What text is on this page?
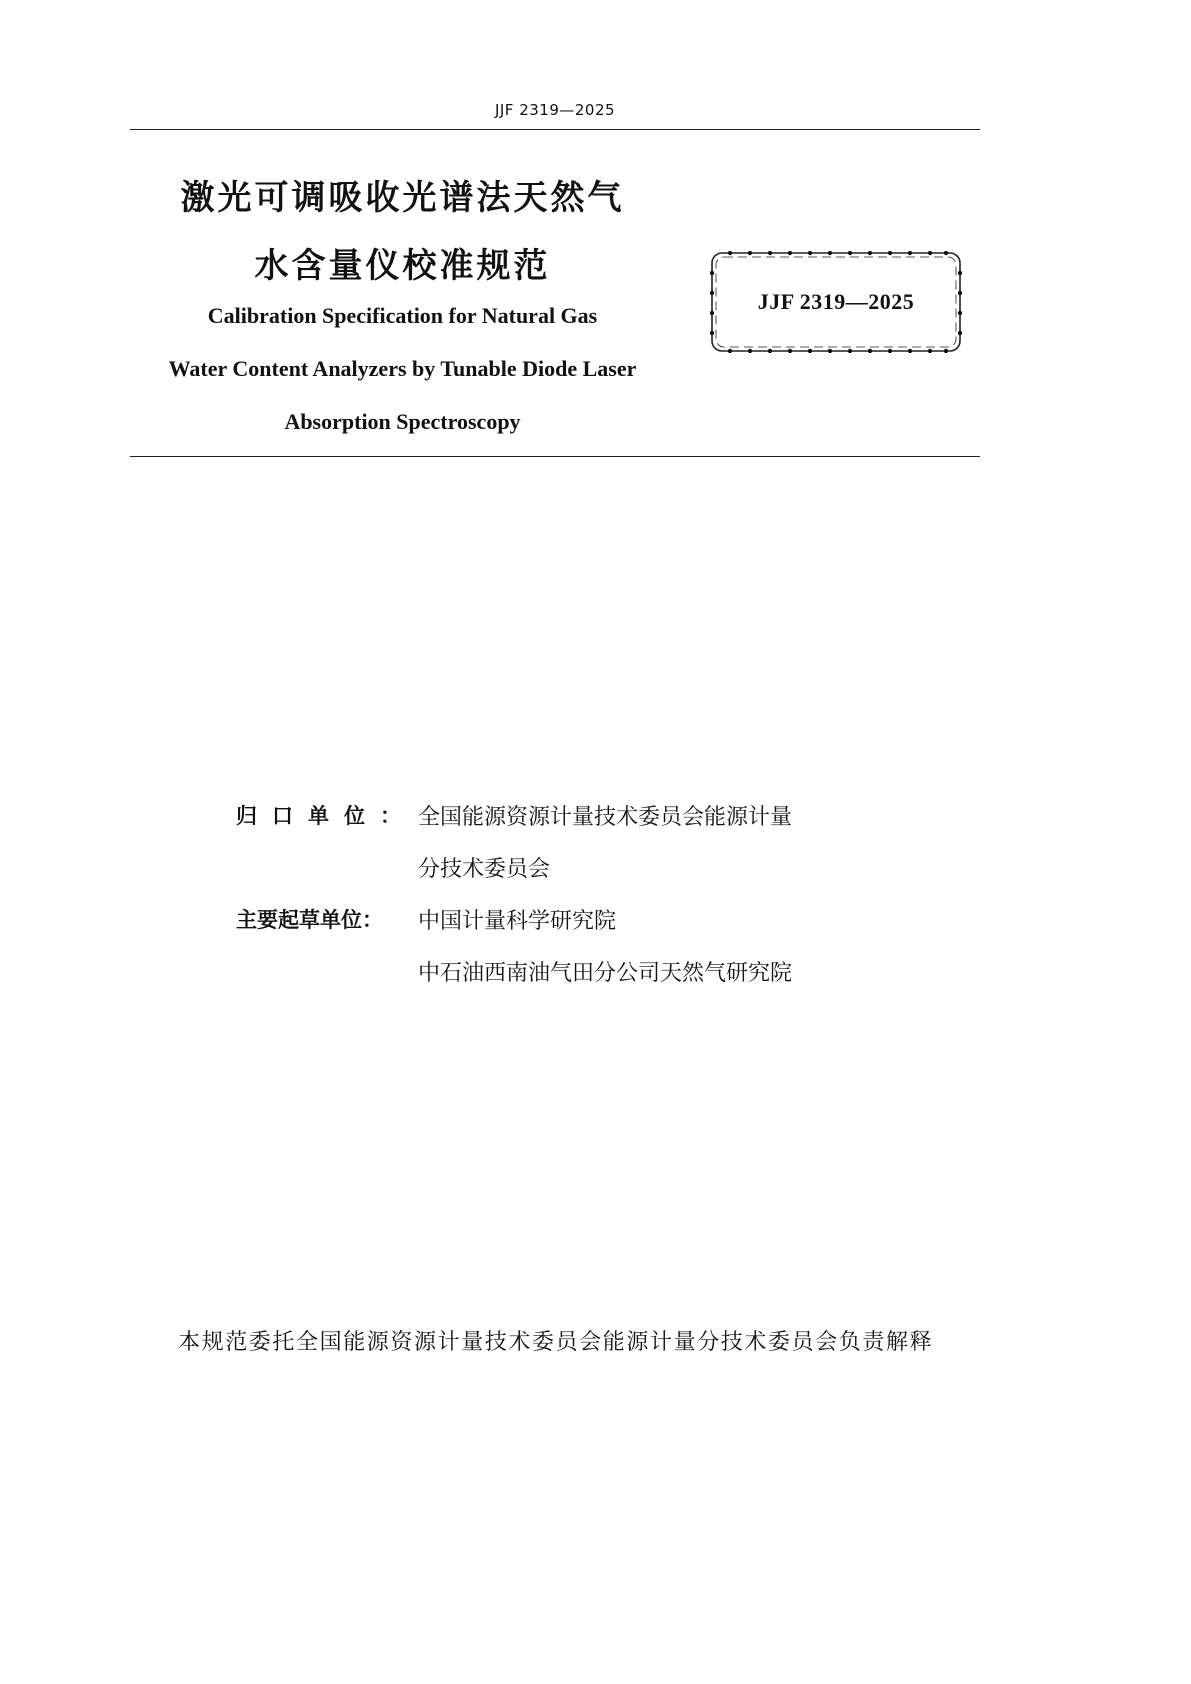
JJF 2319—2025
激光可调吸收光谱法天然气
水含量仪校准规范
Calibration Specification for Natural Gas
Water Content Analyzers by Tunable Diode Laser
Absorption Spectroscopy
JJF 2319—2025
归口单位： 全国能源资源计量技术委员会能源计量
分技术委员会
主要起草单位： 中国计量科学研究院
中石油西南油气田分公司天然气研究院
本规范委托全国能源资源计量技术委员会能源计量分技术委员会负责解释
